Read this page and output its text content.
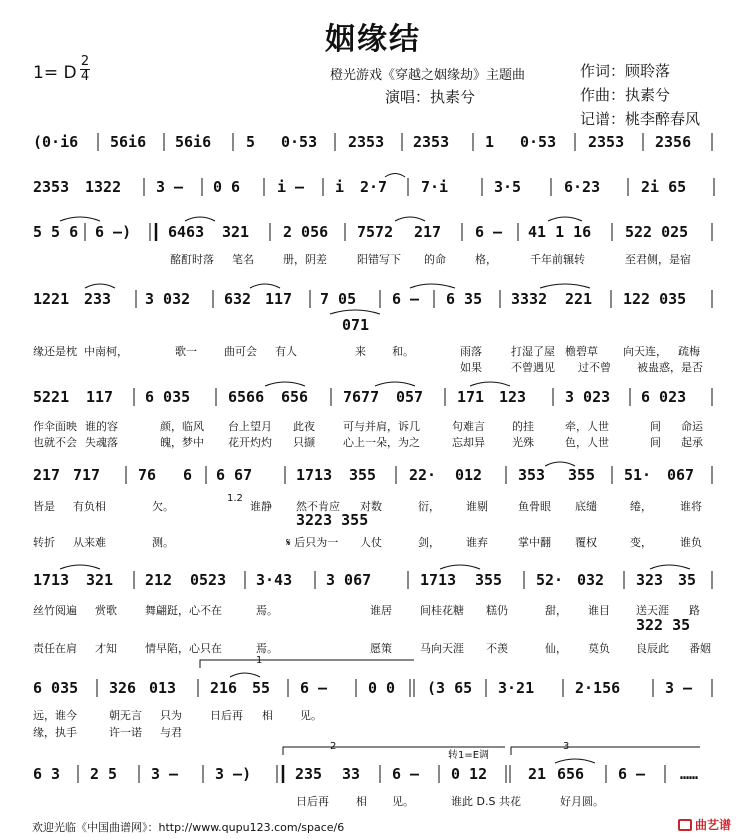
姻缘结
1= D
2
4	橙光游戏《穿越之姻缘劫》主题曲	作词：顾聆落
演唱：执素兮	作曲：执素兮
记谱：桃李醉春风
(0·i6 56i6 56i6 5 0·53 2353 2353 1 0·53 2353 2356
2353 1322 3 – 0 6 i – i 2·7 7·i	3·5	6·23	2i 65
5 5 6 6 –) 6463 321 2 056 7572 217 6 – 41 1 16 522 025
酩酊时落 笔名	册，阴差	阳错写下 的命	格，	千年前辗转	至君侧，是宿
1221 233 3 032 632 117 7 05 6 – 6 35 3332 221 122 035
071
缘还是枕 中南柯，	歌一 曲可会 有人	来 和。	雨落	打湿了屋 檐碧草 向天连， 疏梅
如果	不曾遇见 过不曾 被蛊惑，是否
5221 117 6 035	6566 656 7677 057 171 123	3 023 6 023
作伞面映 谁的容	颜，临风 台上望月 此夜	可与并肩，诉几	句难言 的挂	牵，人世	间 命运
也就不会 失魂落	魄，梦中 花开灼灼 只撷	心上一朵，为之	忘却异 光殊	色，人世	间 起承
217 717	76 6 6 67	1713 355 22· 012 353 355 51· 067
1.2
3223 355
皆是 有负相	欠。	谁静 然不肯应 对数	衍， 谁剔	鱼骨眼 底缱	绻，	谁将
转折 从来难	测。	𝄋 后只为一 人仗	剑， 谁弃	掌中翻 覆权	变，	谁负
1713 321 212 0523 3·43 3 067	1713 355 52· 032 323 35
322 35
丝竹阅遍 赏歌	舞翩跹，心不在	焉。	谁居	间桂花糖 糕仍	甜， 谁目 送天涯 路
责任在肩 才知	情早陷，心只在	焉。	愿策	马向天涯 不羡	仙， 莫负 良辰此 番姻
1
6 035 326 013 216 55 6 –	0 0 (3 65 3·21	2·156	3 –
远，谁今	朝无言 只为	日后再 相 见。
缘，执手	许一诺 与君
2
转1=E调
3
6 3 2 5 3 – 3 –)	235 33 6 – 0 12	21 656 6 – ……
日后再 相 见。	谁此 D.S 共花	好月圆。
欢迎光临《中国曲谱网》：http://www.qupu123.com/space/6	曲艺谱
